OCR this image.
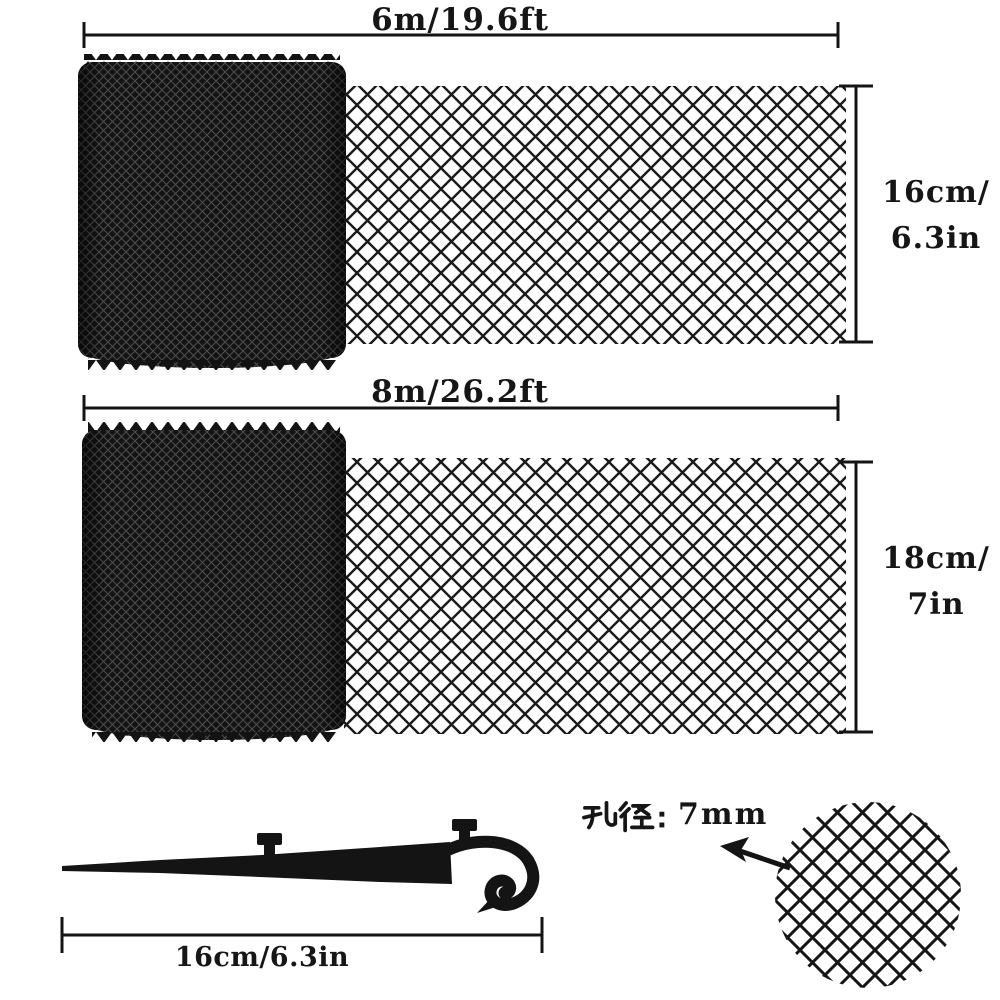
6m/19.6ft
16cm/
6.3in
8m/26.2ft
18cm/
7in
16cm/6.3in
7mm
